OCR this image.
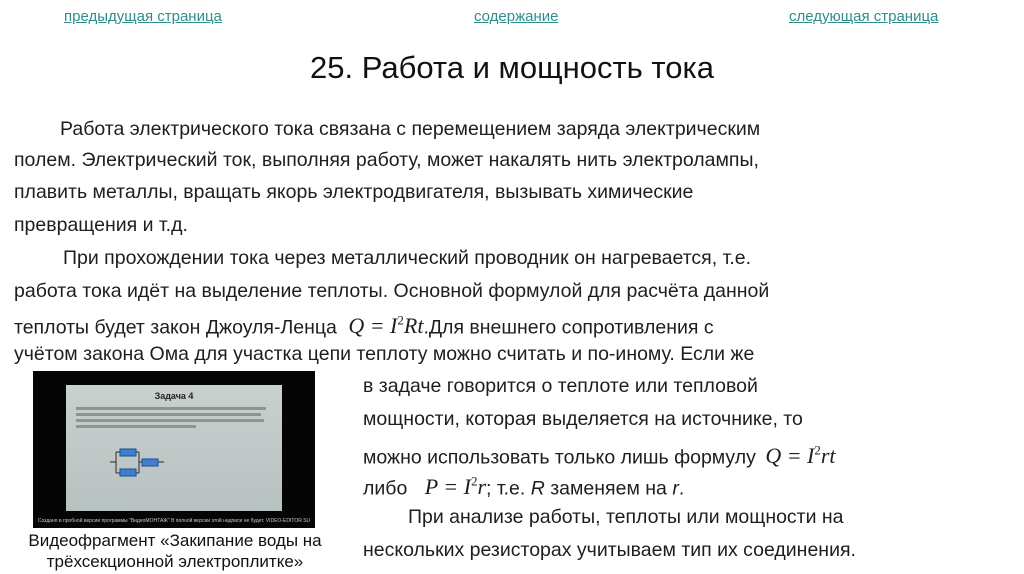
предыдущая страница	содержание	следующая страница
25. Работа и мощность тока
Работа электрического тока связана с перемещением заряда электрическим
полем. Электрический ток, выполняя работу, может накалять нить электролампы,
плавить металлы, вращать якорь электродвигателя, вызывать химические
превращения и т.д.
При прохождении тока через металлический проводник он нагревается, т.е.
работа тока идёт на выделение теплоты. Основной формулой для расчёта данной
теплоты будет закон Джоуля-Ленца $Q = I^2Rt.Для$ внешнего сопротивления с
учётом закона Ома для участка цепи теплоту можно считать и по-иному. Если же
в задаче говорится о теплоте или тепловой
мощности, которая выделяется на источнике, то
можно использовать только лишь формулу $Q = I^2rt$
либо $P = I^2r$; т.е. R заменяем на r.
При анализе работы, теплоты или мощности на
нескольких резисторах учитываем тип их соединения.
Задача 4
Создано в пробной версии программы "ВидеоМОНТАЖ" В полной версии этой надписи не будет. VIDEO-EDITOR.SU
Видеофрагмент «Закипание воды на
трёхсекционной электроплитке»
